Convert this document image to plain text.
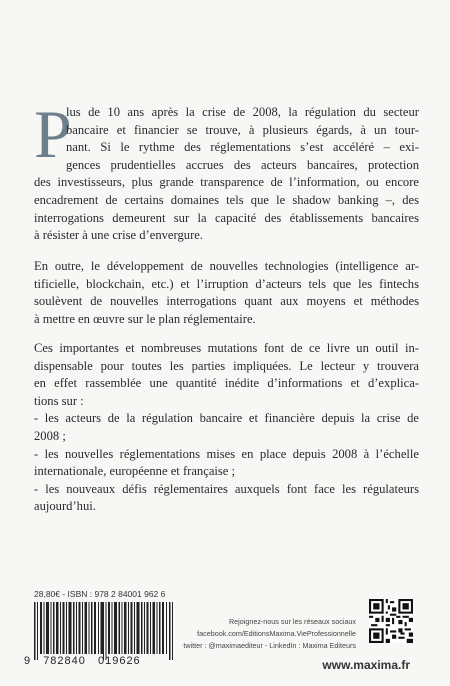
P
lus de 10 ans après la crise de 2008, la régulation du secteur
bancaire et financier se trouve, à plusieurs égards, à un tour-
nant. Si le rythme des réglementations s’est accéléré – exi-
gences prudentielles accrues des acteurs bancaires, protection
des investisseurs, plus grande transparence de l’information, ou encore
encadrement de certains domaines tels que le shadow banking –, des
interrogations demeurent sur la capacité des établissements bancaires
à résister à une crise d’envergure.
En outre, le développement de nouvelles technologies (intelligence ar-
tificielle, blockchain, etc.) et l’irruption d’acteurs tels que les fintechs
soulèvent de nouvelles interrogations quant aux moyens et méthodes
à mettre en œuvre sur le plan réglementaire.
Ces importantes et nombreuses mutations font de ce livre un outil in-
dispensable pour toutes les parties impliquées. Le lecteur y trouvera
en effet rassemblée une quantité inédite d’informations et d’explica-
tions sur :
- les acteurs de la régulation bancaire et financière depuis la crise de
2008 ;
- les nouvelles réglementations mises en place depuis 2008 à l’échelle
internationale, européenne et française ;
- les nouveaux défis réglementaires auxquels font face les régulateurs
aujourd’hui.
28,80€ - ISBN : 978 2 84001 962 6
9 782840 019626
Rejoignez-nous sur les réseaux sociaux
facebook.com/EditionsMaxima.VieProfessionnelle
twitter : @maximaediteur - LinkedIn : Maxima Editeurs
www.maxima.fr
